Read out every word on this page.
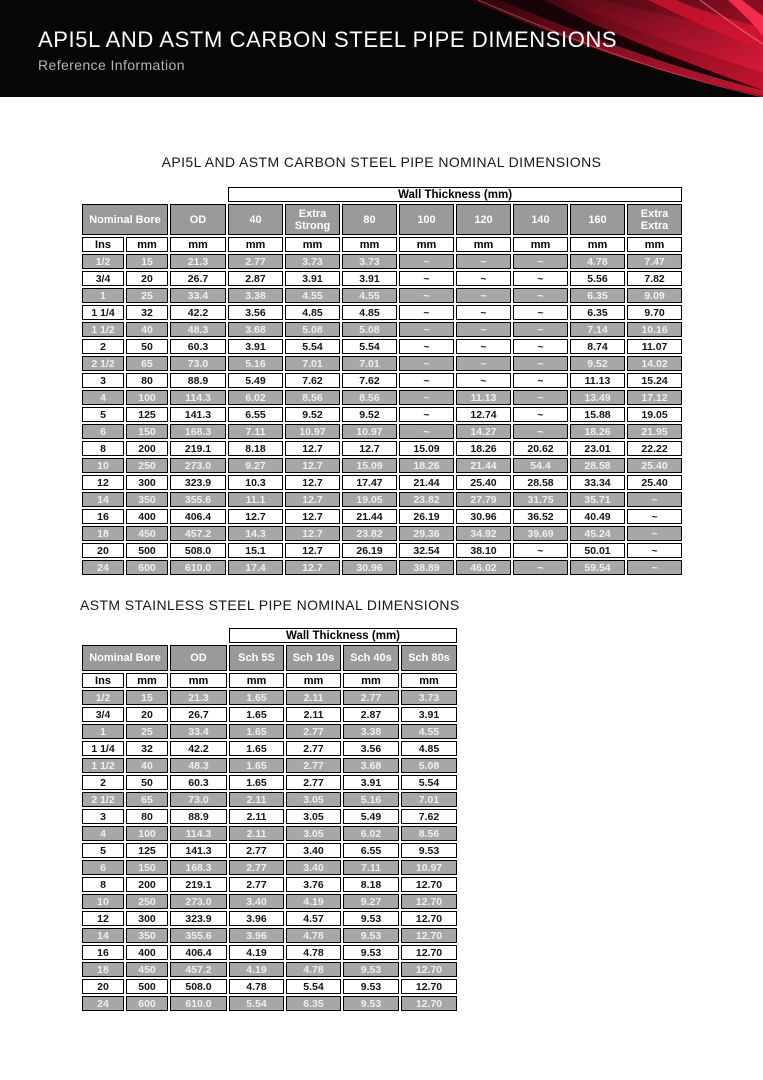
API5L AND ASTM CARBON STEEL PIPE DIMENSIONS
Reference Information
API5L AND ASTM CARBON STEEL PIPE NOMINAL DIMENSIONS
			Wall Thickness (mm)							
Nominal Bore		OD	40	Extra Strong	80	100	120	140	160	Extra Extra
Ins	mm	mm	mm	mm	mm	mm	mm	mm	mm	mm
1/2	15	21.3	2.77	3.73	3.73	~	~	~	4.78	7.47
3/4	20	26.7	2.87	3.91	3.91	~	~	~	5.56	7.82
1	25	33.4	3.38	4.55	4.55	~	~	~	6.35	9.09
1 1/4	32	42.2	3.56	4.85	4.85	~	~	~	6.35	9.70
1 1/2	40	48.3	3.68	5.08	5.08	~	~	~	7.14	10.16
2	50	60.3	3.91	5.54	5.54	~	~	~	8.74	11.07
2 1/2	65	73.0	5.16	7.01	7.01	~	~	~	9.52	14.02
3	80	88.9	5.49	7.62	7.62	~	~	~	11.13	15.24
4	100	114.3	6.02	8.56	8.56	~	11.13	~	13.49	17.12
5	125	141.3	6.55	9.52	9.52	~	12.74	~	15.88	19.05
6	150	168.3	7.11	10.97	10.97	~	14.27	~	18.26	21.95
8	200	219.1	8.18	12.7	12.7	15.09	18.26	20.62	23.01	22.22
10	250	273.0	9.27	12.7	15.09	18.26	21.44	54.4	28.58	25.40
12	300	323.9	10.3	12.7	17.47	21.44	25.40	28.58	33.34	25.40
14	350	355.6	11.1	12.7	19.05	23.82	27.79	31.75	35.71	~
16	400	406.4	12.7	12.7	21.44	26.19	30.96	36.52	40.49	~
18	450	457.2	14.3	12.7	23.82	29.36	34.92	39.69	45.24	~
20	500	508.0	15.1	12.7	26.19	32.54	38.10	~	50.01	~
24	600	610.0	17.4	12.7	30.96	38.89	46.02	~	59.54	~
ASTM STAINLESS STEEL PIPE NOMINAL DIMENSIONS
			Wall Thickness (mm)			
Nominal Bore		OD	Sch 5S	Sch 10s	Sch 40s	Sch 80s
Ins	mm	mm	mm	mm	mm	mm
1/2	15	21.3	1.65	2.11	2.77	3.73
3/4	20	26.7	1.65	2.11	2.87	3.91
1	25	33.4	1.65	2.77	3.38	4.55
1 1/4	32	42.2	1.65	2.77	3.56	4.85
1 1/2	40	48.3	1.65	2.77	3.68	5.08
2	50	60.3	1.65	2.77	3.91	5.54
2 1/2	65	73.0	2.11	3.05	5.16	7.01
3	80	88.9	2.11	3.05	5.49	7.62
4	100	114.3	2.11	3.05	6.02	8.56
5	125	141.3	2.77	3.40	6.55	9.53
6	150	168.3	2.77	3.40	7.11	10.97
8	200	219.1	2.77	3.76	8.18	12.70
10	250	273.0	3.40	4.19	9.27	12.70
12	300	323.9	3.96	4.57	9.53	12.70
14	350	355.6	3.96	4.78	9.53	12.70
16	400	406.4	4.19	4.78	9.53	12.70
18	450	457.2	4.19	4.78	9.53	12.70
20	500	508.0	4.78	5.54	9.53	12.70
24	600	610.0	5.54	6.35	9.53	12.70
